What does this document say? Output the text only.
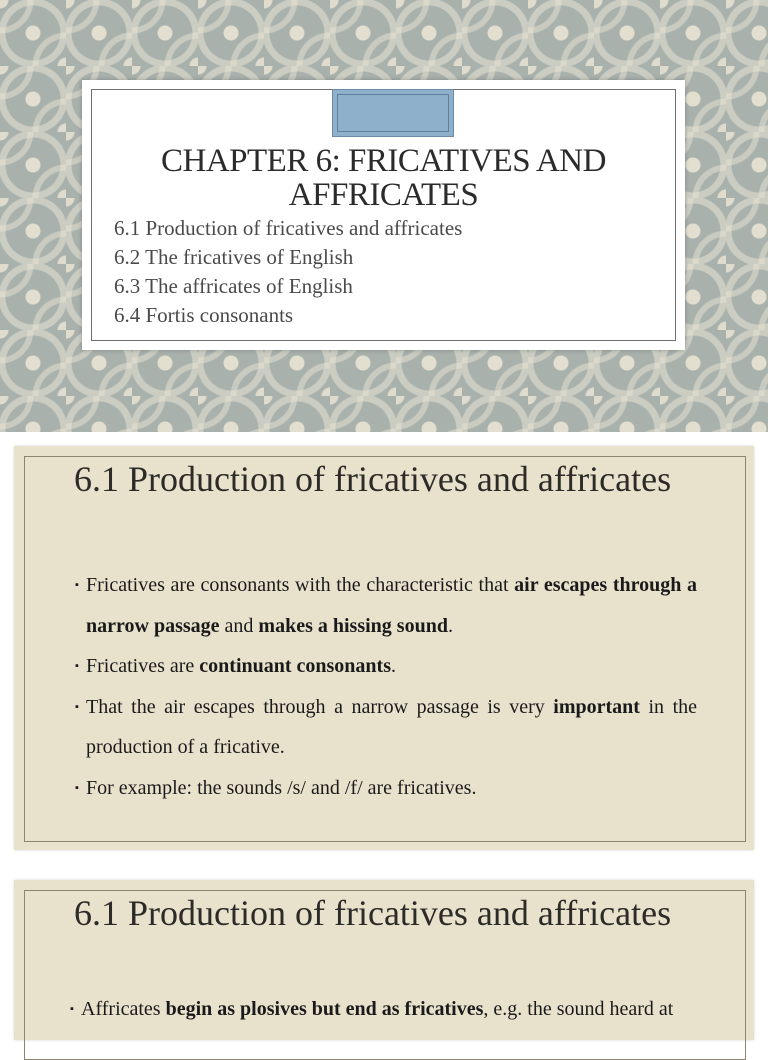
CHAPTER 6: FRICATIVES AND AFFRICATES
6.1 Production of fricatives and affricates
6.2 The fricatives of English
6.3 The affricates of English
6.4 Fortis consonants
6.1 Production of fricatives and affricates
▪ Fricatives are consonants with the characteristic that air escapes through a narrow passage and makes a hissing sound.
▪ Fricatives are continuant consonants.
▪ That the air escapes through a narrow passage is very important in the production of a fricative.
▪ For example: the sounds /s/ and /f/ are fricatives.
6.1 Production of fricatives and affricates
▪ Affricates begin as plosives but end as fricatives, e.g. the sound heard at
